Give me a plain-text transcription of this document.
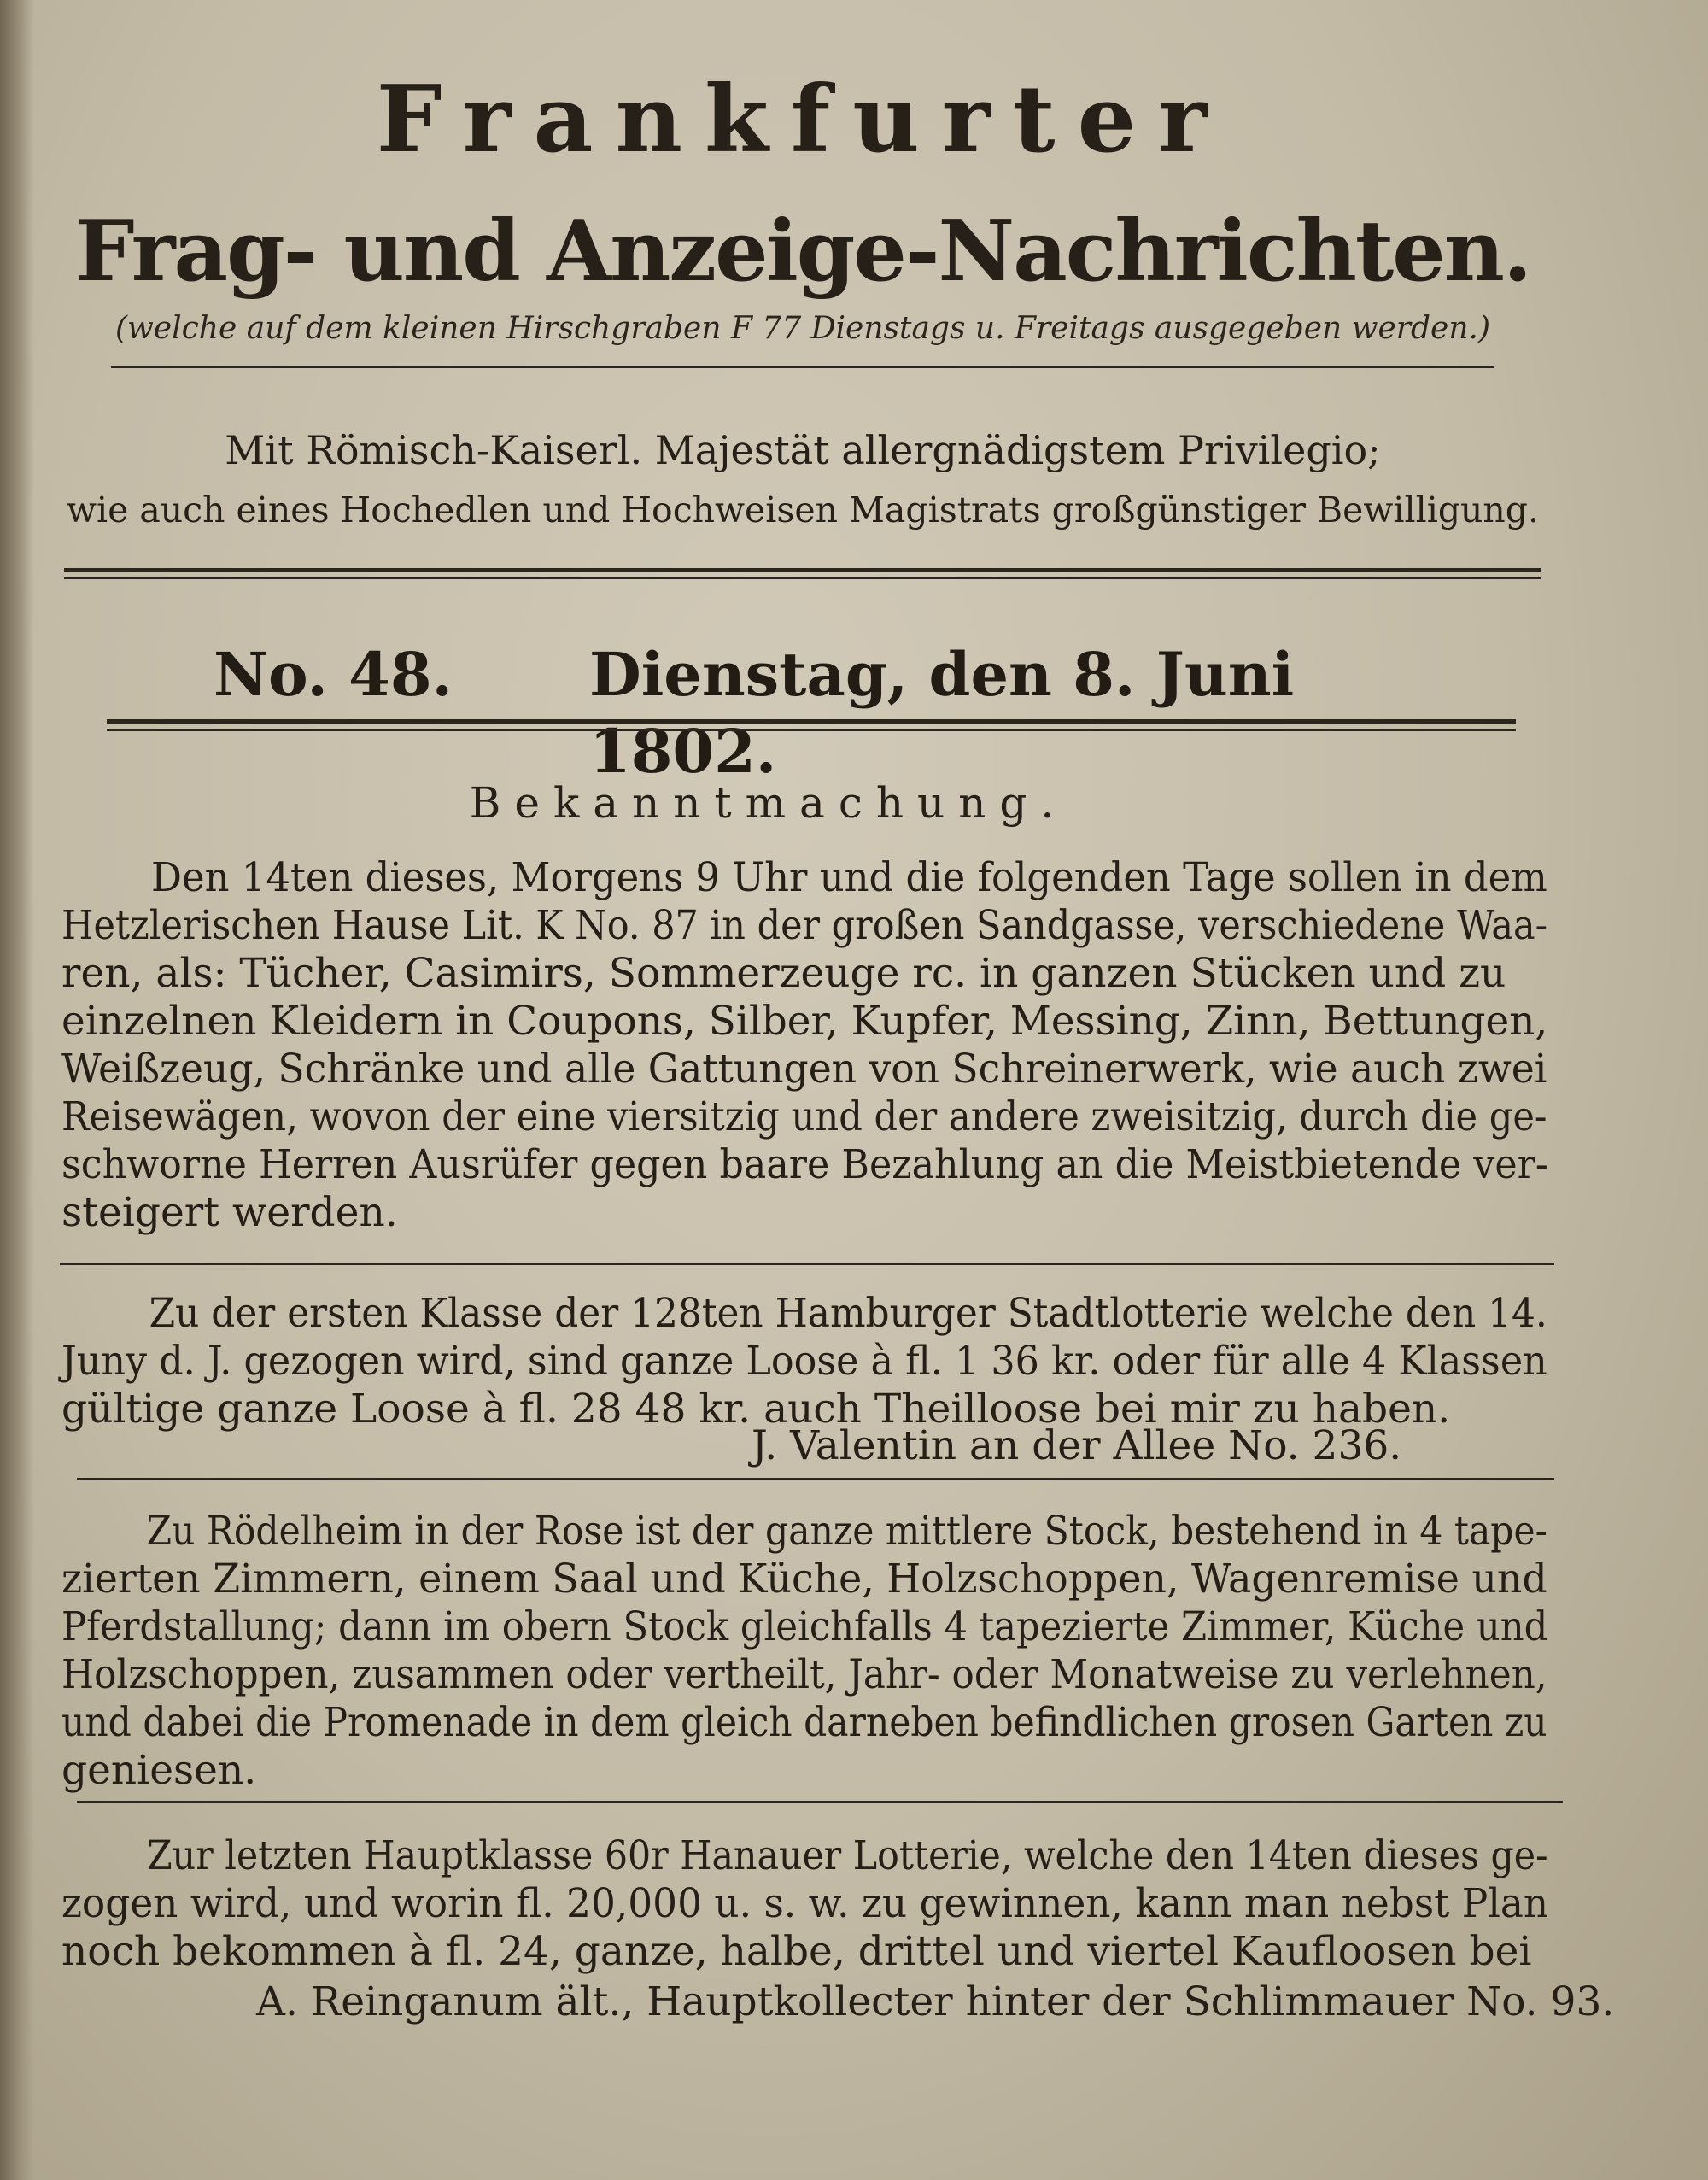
Frankfurter
Frag- und Anzeige-Nachrichten.
(welche auf dem kleinen Hirschgraben F 77 Dienstags u. Freitags ausgegeben werden.)
Mit Römisch-Kaiserl. Majestät allergnädigstem Privilegio;
wie auch eines Hochedlen und Hochweisen Magistrats großgünstiger Bewilligung.
No. 48. Dienstag, den 8. Juni 1802.
Bekanntmachung.
Den 14ten dieses, Morgens 9 Uhr und die folgenden Tage sollen in dem
Hetzlerischen Hause Lit. K No. 87 in der großen Sandgasse, verschiedene Waa-
ren, als: Tücher, Casimirs, Sommerzeuge rc. in ganzen Stücken und zu
einzelnen Kleidern in Coupons, Silber, Kupfer, Messing, Zinn, Bettungen,
Weißzeug, Schränke und alle Gattungen von Schreinerwerk, wie auch zwei
Reisewägen, wovon der eine viersitzig und der andere zweisitzig, durch die ge-
schworne Herren Ausrüfer gegen baare Bezahlung an die Meistbietende ver-
steigert werden.
Zu der ersten Klasse der 128ten Hamburger Stadtlotterie welche den 14.
Juny d. J. gezogen wird, sind ganze Loose à fl. 1 36 kr. oder für alle 4 Klassen
gültige ganze Loose à fl. 28 48 kr. auch Theilloose bei mir zu haben.
J. Valentin an der Allee No. 236.
Zu Rödelheim in der Rose ist der ganze mittlere Stock, bestehend in 4 tape-
zierten Zimmern, einem Saal und Küche, Holzschoppen, Wagenremise und
Pferdstallung; dann im obern Stock gleichfalls 4 tapezierte Zimmer, Küche und
Holzschoppen, zusammen oder vertheilt, Jahr- oder Monatweise zu verlehnen,
und dabei die Promenade in dem gleich darneben befindlichen grosen Garten zu
geniesen.
Zur letzten Hauptklasse 60r Hanauer Lotterie, welche den 14ten dieses ge-
zogen wird, und worin fl. 20,000 u. s. w. zu gewinnen, kann man nebst Plan
noch bekommen à fl. 24, ganze, halbe, drittel und viertel Kaufloosen bei
A. Reinganum ält., Hauptkollecter hinter der Schlimmauer No. 93.
